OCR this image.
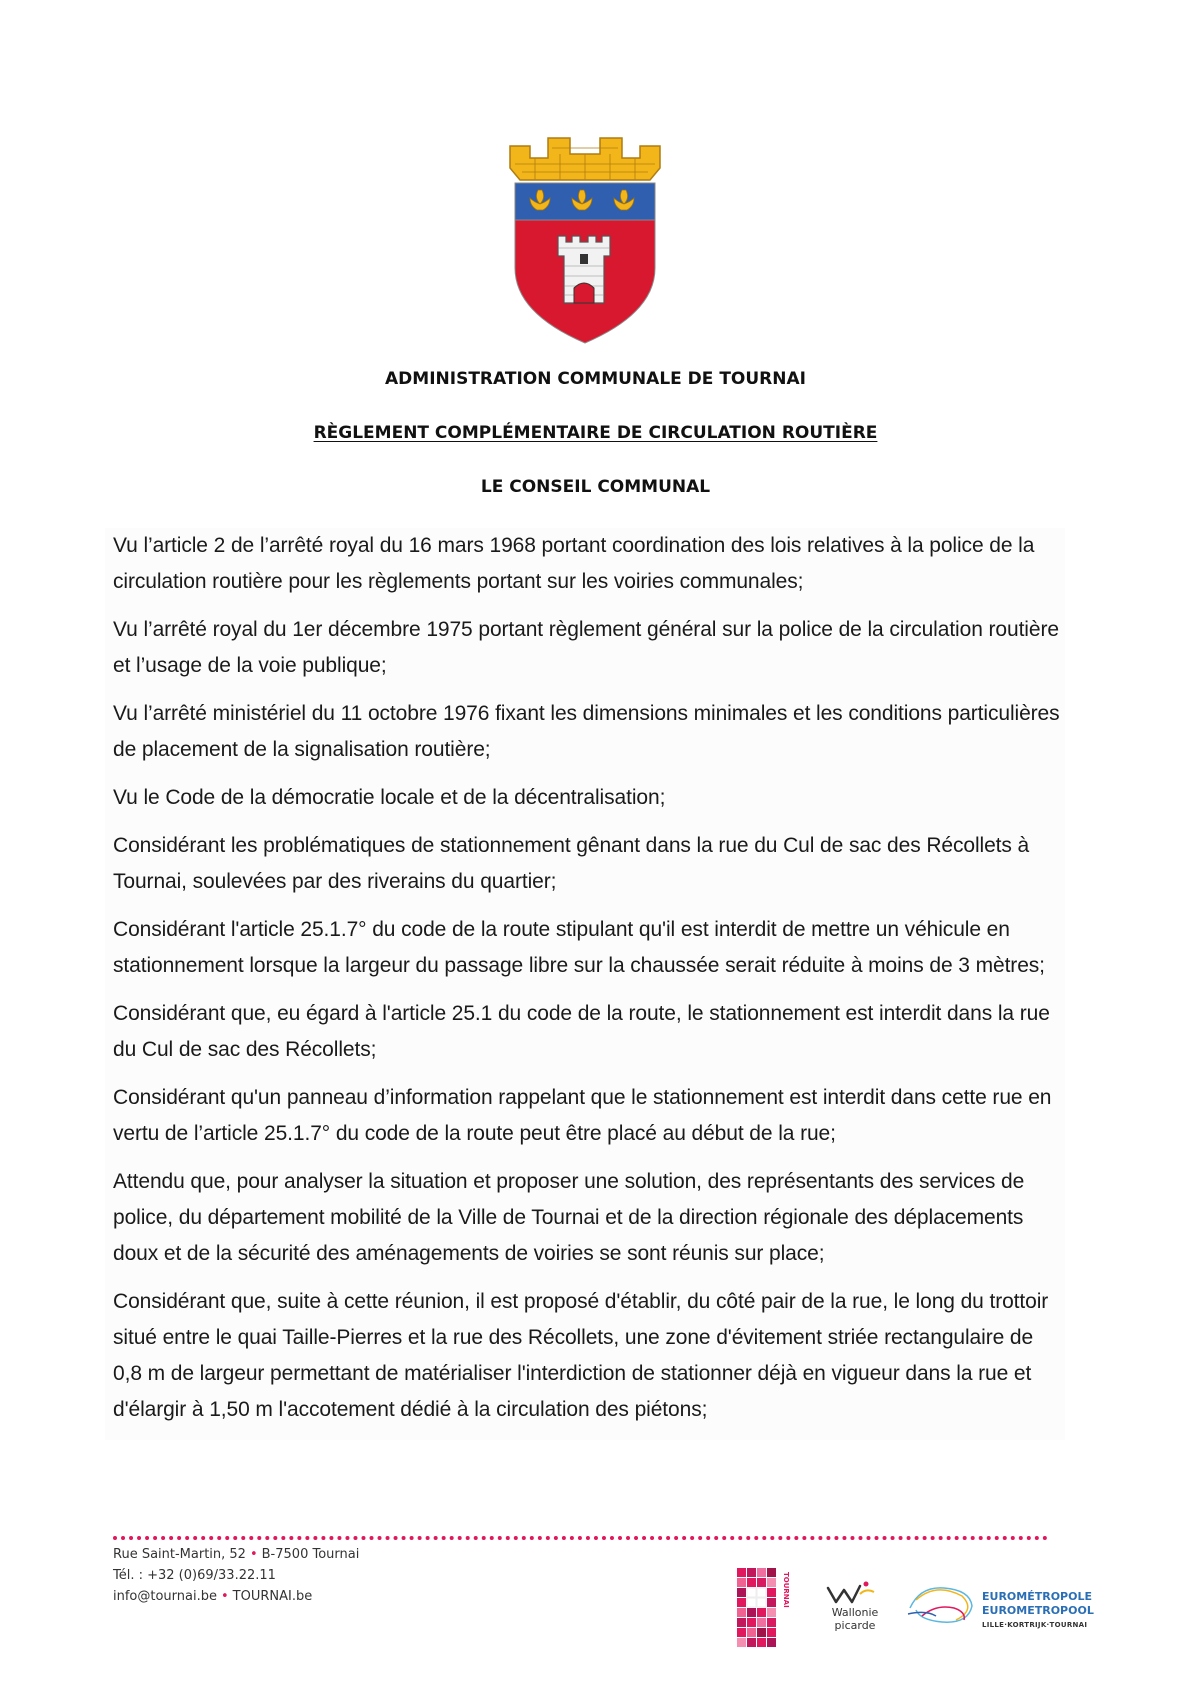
ADMINISTRATION COMMUNALE DE TOURNAI
RÈGLEMENT COMPLÉMENTAIRE DE CIRCULATION ROUTIÈRE
LE CONSEIL COMMUNAL

Vu l’article 2 de l’arrêté royal du 16 mars 1968 portant coordination des lois relatives à la police de la circulation routière pour les règlements portant sur les voiries communales;

Vu l’arrêté royal du 1er décembre 1975 portant règlement général sur la police de la circulation routière et l’usage de la voie publique;

Vu l’arrêté ministériel du 11 octobre 1976 fixant les dimensions minimales et les conditions particulières de placement de la signalisation routière;

Vu le Code de la démocratie locale et de la décentralisation;

Considérant les problématiques de stationnement gênant dans la rue du Cul de sac des Récollets à Tournai, soulevées par des riverains du quartier;

Considérant l'article 25.1.7° du code de la route stipulant qu'il est interdit de mettre un véhicule en stationnement lorsque la largeur du passage libre sur la chaussée serait réduite à moins de 3 mètres;

Considérant que, eu égard à l'article 25.1 du code de la route, le stationnement est interdit dans la rue du Cul de sac des Récollets;

Considérant qu'un panneau d’information rappelant que le stationnement est interdit dans cette rue en vertu de l’article 25.1.7° du code de la route peut être placé au début de la rue;

Attendu que, pour analyser la situation et proposer une solution, des représentants des services de police, du département mobilité de la Ville de Tournai et de la direction régionale des déplacements doux et de la sécurité des aménagements de voiries se sont réunis sur place;

Considérant que, suite à cette réunion, il est proposé d'établir, du côté pair de la rue, le long du trottoir situé entre le quai Taille-Pierres et la rue des Récollets, une zone d'évitement striée rectangulaire de 0,8 m de largeur permettant de matérialiser l'interdiction de stationner déjà en vigueur dans la rue et d'élargir à 1,50 m l'accotement dédié à la circulation des piétons;

Rue Saint-Martin, 52 • B-7500 Tournai
Tél. : +32 (0)69/33.22.11
info@tournai.be • TOURNAI.be	TOURNAI
Wallonie
picarde
EUROMÉTROPOLE
EUROMETROPOOL
LILLE·KORTRIJK·TOURNAI
